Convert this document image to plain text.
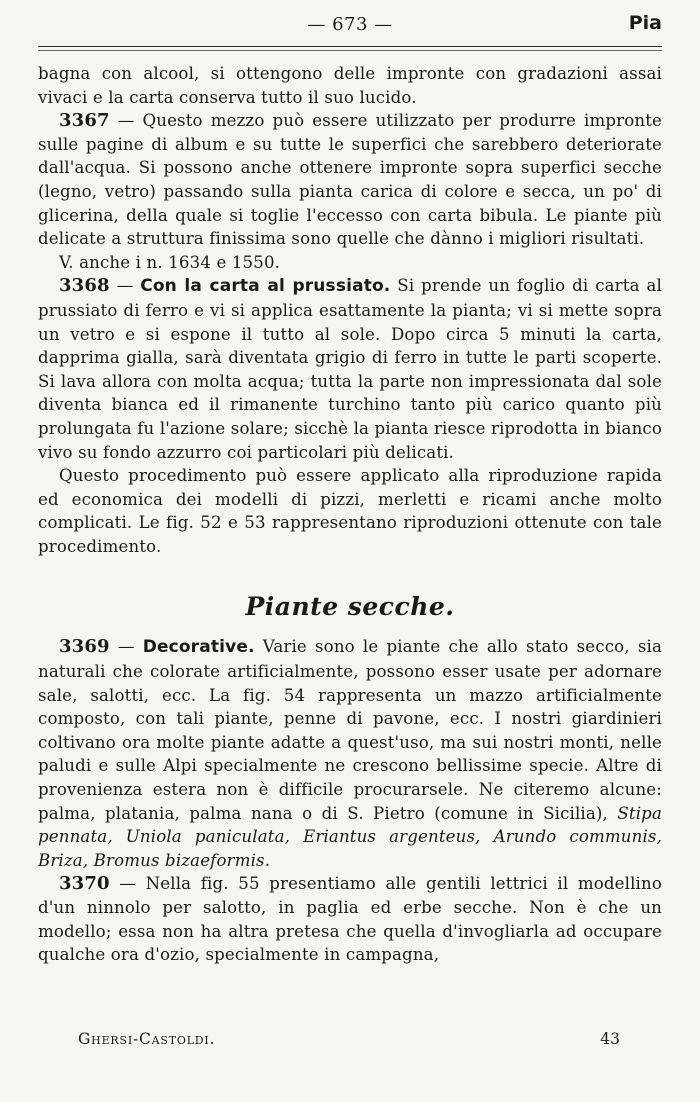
— 673 —	Pia

bagna con alcool, si ottengono delle impronte con gradazioni assai vivaci e la carta conserva tutto il suo lucido.

3367 — Questo mezzo può essere utilizzato per produrre impronte sulle pagine di album e su tutte le superfici che sarebbero deteriorate dall'acqua. Si possono anche ottenere impronte sopra superfici secche (legno, vetro) passando sulla pianta carica di colore e secca, un po' di glicerina, della quale si toglie l'eccesso con carta bibula. Le piante più delicate a struttura finissima sono quelle che dànno i migliori risultati.

V. anche i n. 1634 e 1550.

3368 — Con la carta al prussiato. Si prende un foglio di carta al prussiato di ferro e vi si applica esattamente la pianta; vi si mette sopra un vetro e si espone il tutto al sole. Dopo circa 5 minuti la carta, dapprima gialla, sarà diventata grigio di ferro in tutte le parti scoperte. Si lava allora con molta acqua; tutta la parte non impressionata dal sole diventa bianca ed il rimanente turchino tanto più carico quanto più prolungata fu l'azione solare; sicchè la pianta riesce riprodotta in bianco vivo su fondo azzurro coi particolari più delicati.

Questo procedimento può essere applicato alla riproduzione rapida ed economica dei modelli di pizzi, merletti e ricami anche molto complicati. Le fig. 52 e 53 rappresentano riproduzioni ottenute con tale procedimento.

Piante secche.

3369 — Decorative. Varie sono le piante che allo stato secco, sia naturali che colorate artificialmente, possono esser usate per adornare sale, salotti, ecc. La fig. 54 rappresenta un mazzo artificialmente composto, con tali piante, penne di pavone, ecc. I nostri giardinieri coltivano ora molte piante adatte a quest'uso, ma sui nostri monti, nelle paludi e sulle Alpi specialmente ne crescono bellissime specie. Altre di provenienza estera non è difficile procurarsele. Ne citeremo alcune: palma, platania, palma nana o di S. Pietro (comune in Sicilia), Stipa pennata, Uniola paniculata, Eriantus argenteus, Arundo communis, Briza, Bromus bizaeformis.

3370 — Nella fig. 55 presentiamo alle gentili lettrici il modellino d'un ninnolo per salotto, in paglia ed erbe secche. Non è che un modello; essa non ha altra pretesa che quella d'invogliarla ad occupare qualche ora d'ozio, specialmente in campagna,

Ghersi-Castoldi.	43
